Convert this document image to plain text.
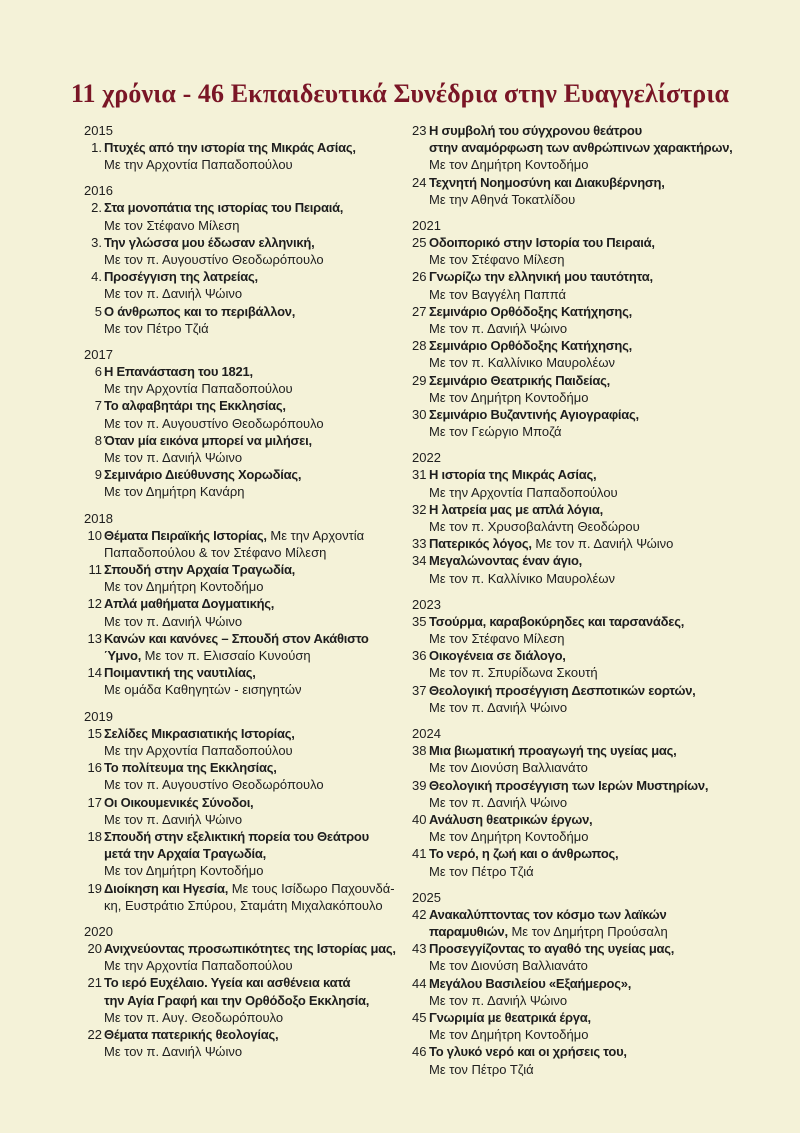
11 χρόνια - 46 Εκπαιδευτικά Συνέδρια στην Ευαγγελίστρια
2015
1. Πτυχές από την ιστορία της Μικράς Ασίας,
Με την Αρχοντία Παπαδοπούλου
2016
2. Στα μονοπάτια της ιστορίας του Πειραιά,
Με τον Στέφανο Μίλεση
3. Την γλώσσα μου έδωσαν ελληνική,
Με τον π. Αυγουστίνο Θεοδωρόπουλο
4. Προσέγγιση της λατρείας,
Με τον π. Δανιήλ Ψώινο
5 Ο άνθρωπος και το περιβάλλον,
Με τον Πέτρο Τζιά
2017
6 Η Επανάσταση του 1821,
Με την Αρχοντία Παπαδοπούλου
7 Το αλφαβητάρι της Εκκλησίας,
Με τον π. Αυγουστίνο Θεοδωρόπουλο
8 Όταν μία εικόνα μπορεί να μιλήσει,
Με τον π. Δανιήλ Ψώινο
9 Σεμινάριο Διεύθυνσης Χορωδίας,
Με τον Δημήτρη Κανάρη
2018
10 Θέματα Πειραϊκής Ιστορίας, Με την Αρχοντία
Παπαδοπούλου & τον Στέφανο Μίλεση
11 Σπουδή στην Αρχαία Τραγωδία,
Με τον Δημήτρη Κοντοδήμο
12 Απλά μαθήματα Δογματικής,
Με τον π. Δανιήλ Ψώινο
13 Κανών και κανόνες – Σπουδή στον Ακάθιστο
Ύμνο, Με τον π. Ελισσαίο Κυνούση
14 Ποιμαντική της ναυτιλίας,
Με ομάδα Καθηγητών - εισηγητών
2019
15 Σελίδες Μικρασιατικής Ιστορίας,
Με την Αρχοντία Παπαδοπούλου
16 Το πολίτευμα της Εκκλησίας,
Με τον π. Αυγουστίνο Θεοδωρόπουλο
17 Οι Οικουμενικές Σύνοδοι,
Με τον π. Δανιήλ Ψώινο
18 Σπουδή στην εξελικτική πορεία του Θεάτρου
μετά την Αρχαία Τραγωδία,
Με τον Δημήτρη Κοντοδήμο
19 Διοίκηση και Ηγεσία, Με τους Ισίδωρο Παχουνδά-
κη, Ευστράτιο Σπύρου, Σταμάτη Μιχαλακόπουλο
2020
20 Ανιχνεύοντας προσωπικότητες της Ιστορίας μας,
Με την Αρχοντία Παπαδοπούλου
21 Το ιερό Ευχέλαιο. Υγεία και ασθένεια κατά
την Αγία Γραφή και την Ορθόδοξο Εκκλησία,
Με τον π. Αυγ. Θεοδωρόπουλο
22 Θέματα πατερικής θεολογίας,
Με τον π. Δανιήλ Ψώινο
23 Η συμβολή του σύγχρονου θεάτρου
στην αναμόρφωση των ανθρώπινων χαρακτήρων,
Με τον Δημήτρη Κοντοδήμο
24 Τεχνητή Νοημοσύνη και Διακυβέρνηση,
Με την Αθηνά Τοκατλίδου
2021
25 Οδοιπορικό στην Ιστορία του Πειραιά,
Με τον Στέφανο Μίλεση
26 Γνωρίζω την ελληνική μου ταυτότητα,
Με τον Βαγγέλη Παππά
27 Σεμινάριο Ορθόδοξης Κατήχησης,
Με τον π. Δανιήλ Ψώινο
28 Σεμινάριο Ορθόδοξης Κατήχησης,
Με τον π. Καλλίνικο Μαυρολέων
29 Σεμινάριο Θεατρικής Παιδείας,
Με τον Δημήτρη Κοντοδήμο
30 Σεμινάριο Βυζαντινής Αγιογραφίας,
Με τον Γεώργιο Μποζά
2022
31 Η ιστορία της Μικράς Ασίας,
Με την Αρχοντία Παπαδοπούλου
32 Η λατρεία μας με απλά λόγια,
Με τον π. Χρυσοβαλάντη Θεοδώρου
33 Πατερικός λόγος, Με τον π. Δανιήλ Ψώινο
34 Μεγαλώνοντας έναν άγιο,
Με τον π. Καλλίνικο Μαυρολέων
2023
35 Τσούρμα, καραβοκύρηδες και ταρσανάδες,
Με τον Στέφανο Μίλεση
36 Οικογένεια σε διάλογο,
Με τον π. Σπυρίδωνα Σκουτή
37 Θεολογική προσέγγιση Δεσποτικών εορτών,
Με τον π. Δανιήλ Ψώινο
2024
38 Μια βιωματική προαγωγή της υγείας μας,
Με τον Διονύση Βαλλιανάτο
39 Θεολογική προσέγγιση των Ιερών Μυστηρίων,
Με τον π. Δανιήλ Ψώινο
40 Ανάλυση θεατρικών έργων,
Με τον Δημήτρη Κοντοδήμο
41 Το νερό, η ζωή και ο άνθρωπος,
Με τον Πέτρο Τζιά
2025
42 Ανακαλύπτοντας τον κόσμο των λαϊκών
παραμυθιών, Με τον Δημήτρη Προύσαλη
43 Προσεγγίζοντας το αγαθό της υγείας μας,
Με τον Διονύση Βαλλιανάτο
44 Μεγάλου Βασιλείου «Εξαήμερος»,
Με τον π. Δανιήλ Ψώινο
45 Γνωριμία με θεατρικά έργα,
Με τον Δημήτρη Κοντοδήμο
46 Το γλυκό νερό και οι χρήσεις του,
Με τον Πέτρο Τζιά
